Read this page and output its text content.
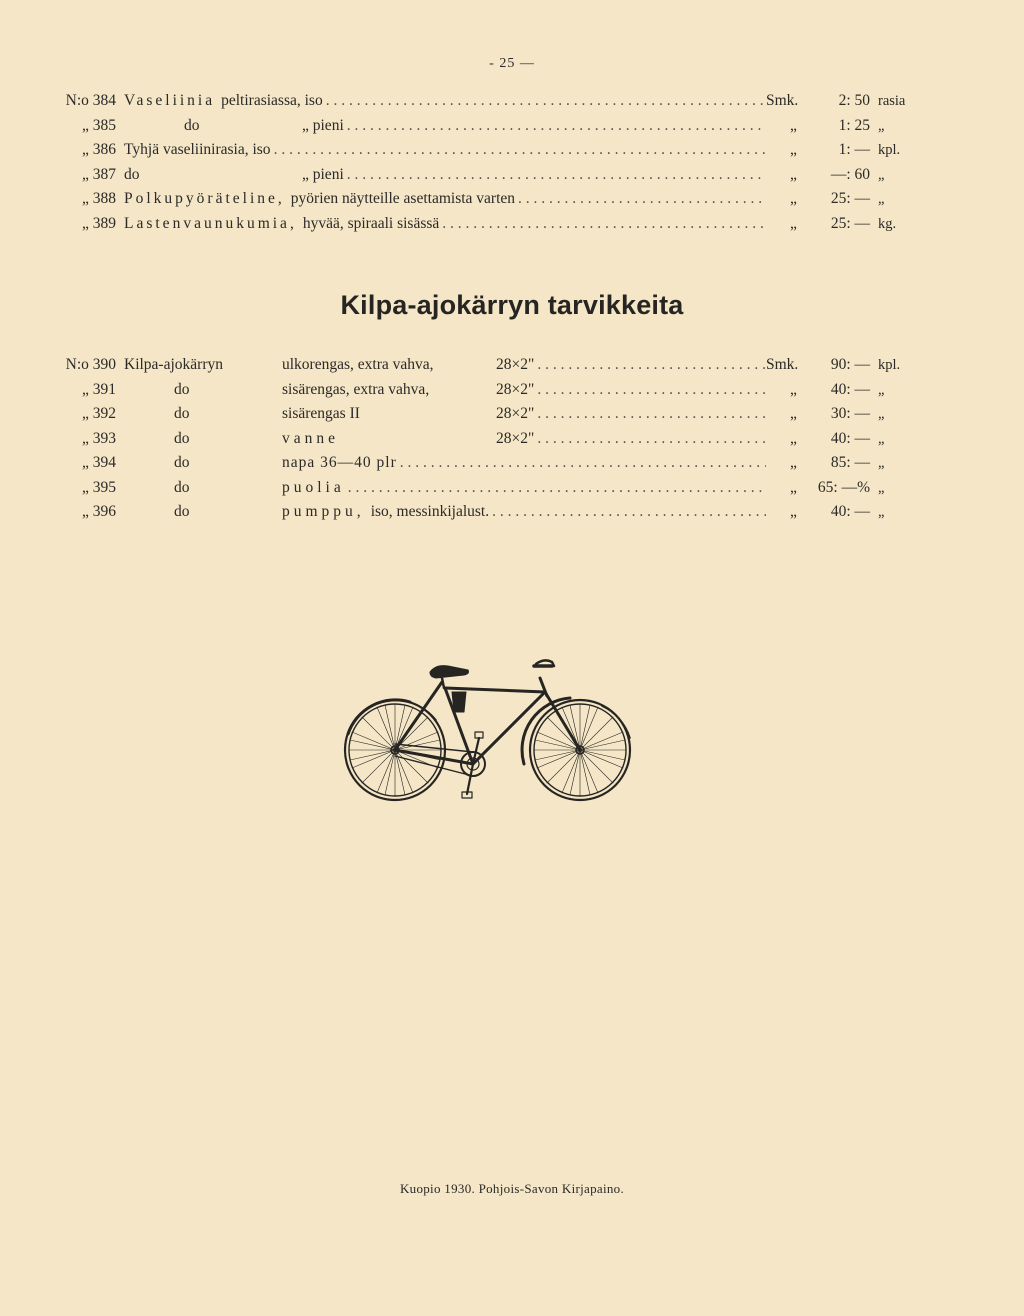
- 25 —
N:o 384 Vaseliinia peltirasiassa, iso . . .	Smk.	2: 50 rasia
„ 385	do	„ pieni . . .	„	1: 25 „
„ 386 Tyhjä vaseliinirasia, iso . . .	„	1: — kpl.
„ 387 do	„ pieni . . .	„	—: 60 „
„ 388 Polkupyöräteline, pyörien näytteille asettamista varten . . .	„	25: — „
„ 389 Lastenvaunukumia, hyvää, spiraali sisässä . . .	„	25: — kg.
Kilpa-ajokärryn tarvikkeita
N:o 390 Kilpa-ajokärryn	ulkorengas, extra vahva,	28×2" . . .	Smk.	90: — kpl.
„ 391	do	sisärengas, extra vahva,	28×2" . . .	„	40: — „
„ 392	do	sisärengas II	28×2" . . .	„	30: — „
„ 393	do	vanne	28×2" . . .	„	40: — „
„ 394	do	napa 36—40 plr . . .	„	85: — „
„ 395	do	puolia . . .	„	65: —% „
„ 396	do	pumppu, iso, messinkijalust. . . .	„	40: — „
Kuopio 1930. Pohjois-Savon Kirjapaino.
